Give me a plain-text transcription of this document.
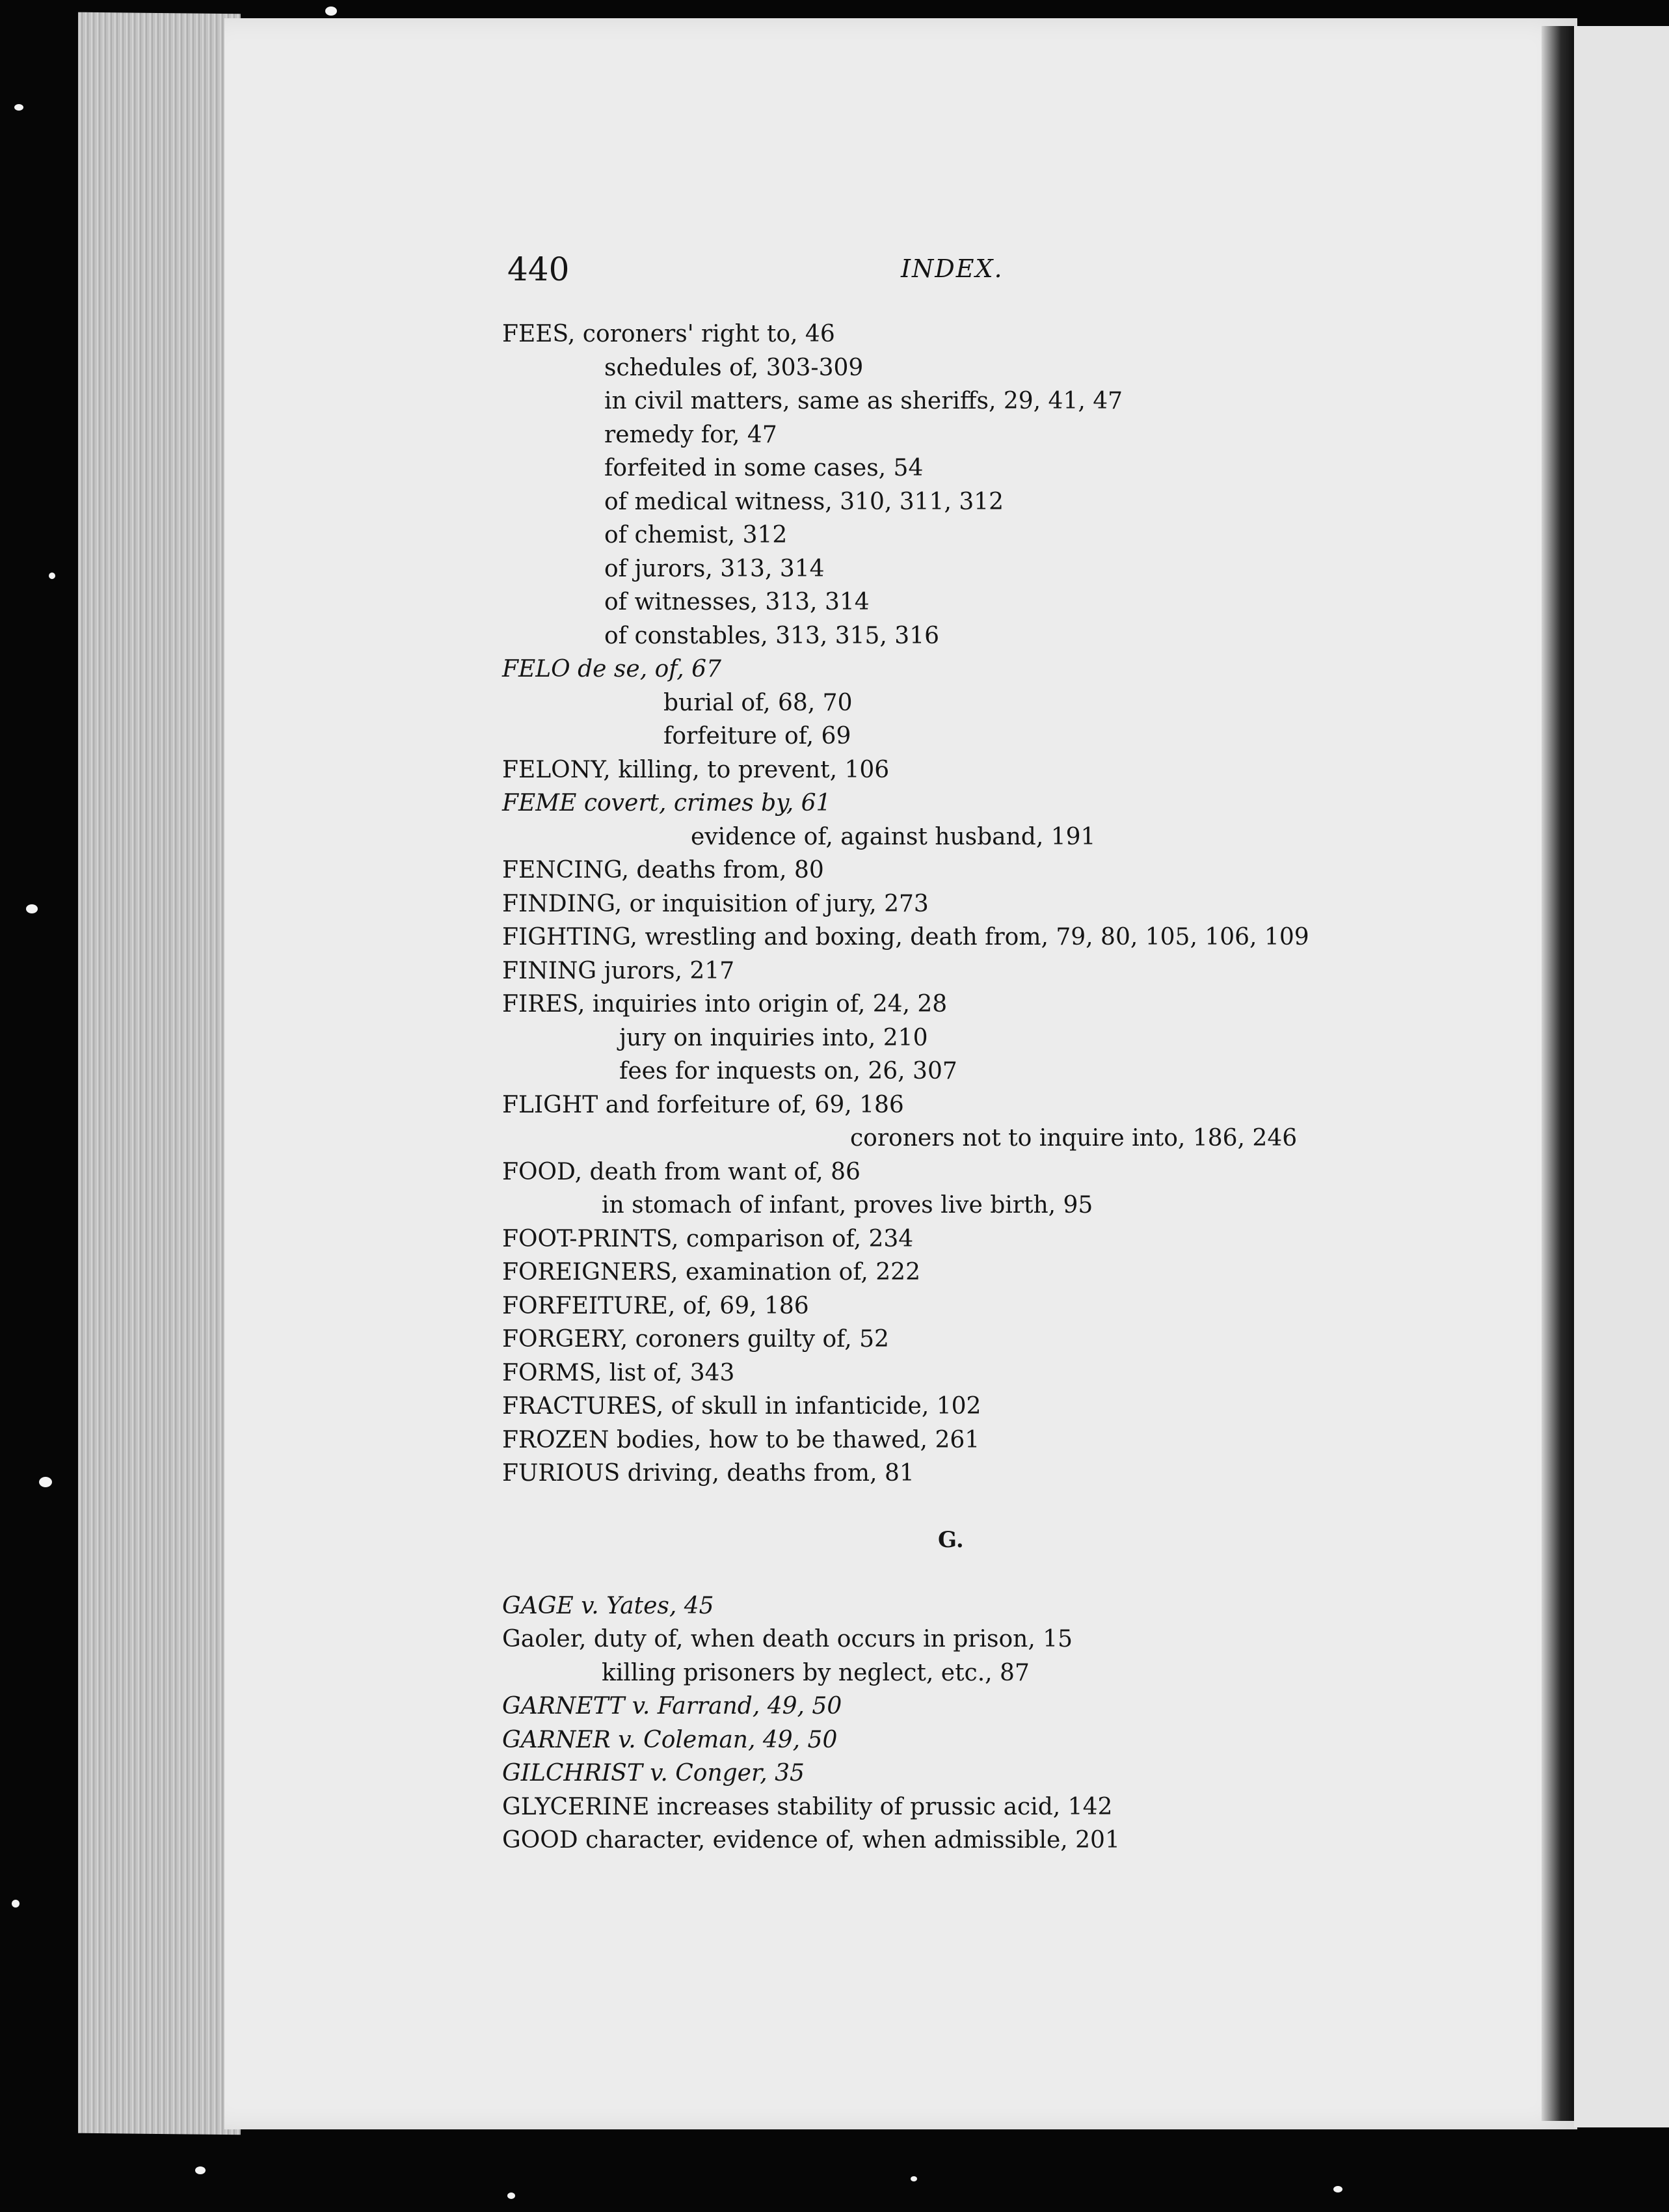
440	INDEX.
FEES, coroners' right to, 46
schedules of, 303-309
in civil matters, same as sheriffs, 29, 41, 47
remedy for, 47
forfeited in some cases, 54
of medical witness, 310, 311, 312
of chemist, 312
of jurors, 313, 314
of witnesses, 313, 314
of constables, 313, 315, 316
FELO de se, of, 67
burial of, 68, 70
forfeiture of, 69
FELONY, killing, to prevent, 106
FEME covert, crimes by, 61
evidence of, against husband, 191
FENCING, deaths from, 80
FINDING, or inquisition of jury, 273
FIGHTING, wrestling and boxing, death from, 79, 80, 105, 106, 109
FINING jurors, 217
FIRES, inquiries into origin of, 24, 28
jury on inquiries into, 210
fees for inquests on, 26, 307
FLIGHT and forfeiture of, 69, 186
coroners not to inquire into, 186, 246
FOOD, death from want of, 86
in stomach of infant, proves live birth, 95
FOOT-PRINTS, comparison of, 234
FOREIGNERS, examination of, 222
FORFEITURE, of, 69, 186
FORGERY, coroners guilty of, 52
FORMS, list of, 343
FRACTURES, of skull in infanticide, 102
FROZEN bodies, how to be thawed, 261
FURIOUS driving, deaths from, 81
G.
GAGE v. Yates, 45
Gaoler, duty of, when death occurs in prison, 15
killing prisoners by neglect, etc., 87
GARNETT v. Farrand, 49, 50
GARNER v. Coleman, 49, 50
GILCHRIST v. Conger, 35
GLYCERINE increases stability of prussic acid, 142
GOOD character, evidence of, when admissible, 201
